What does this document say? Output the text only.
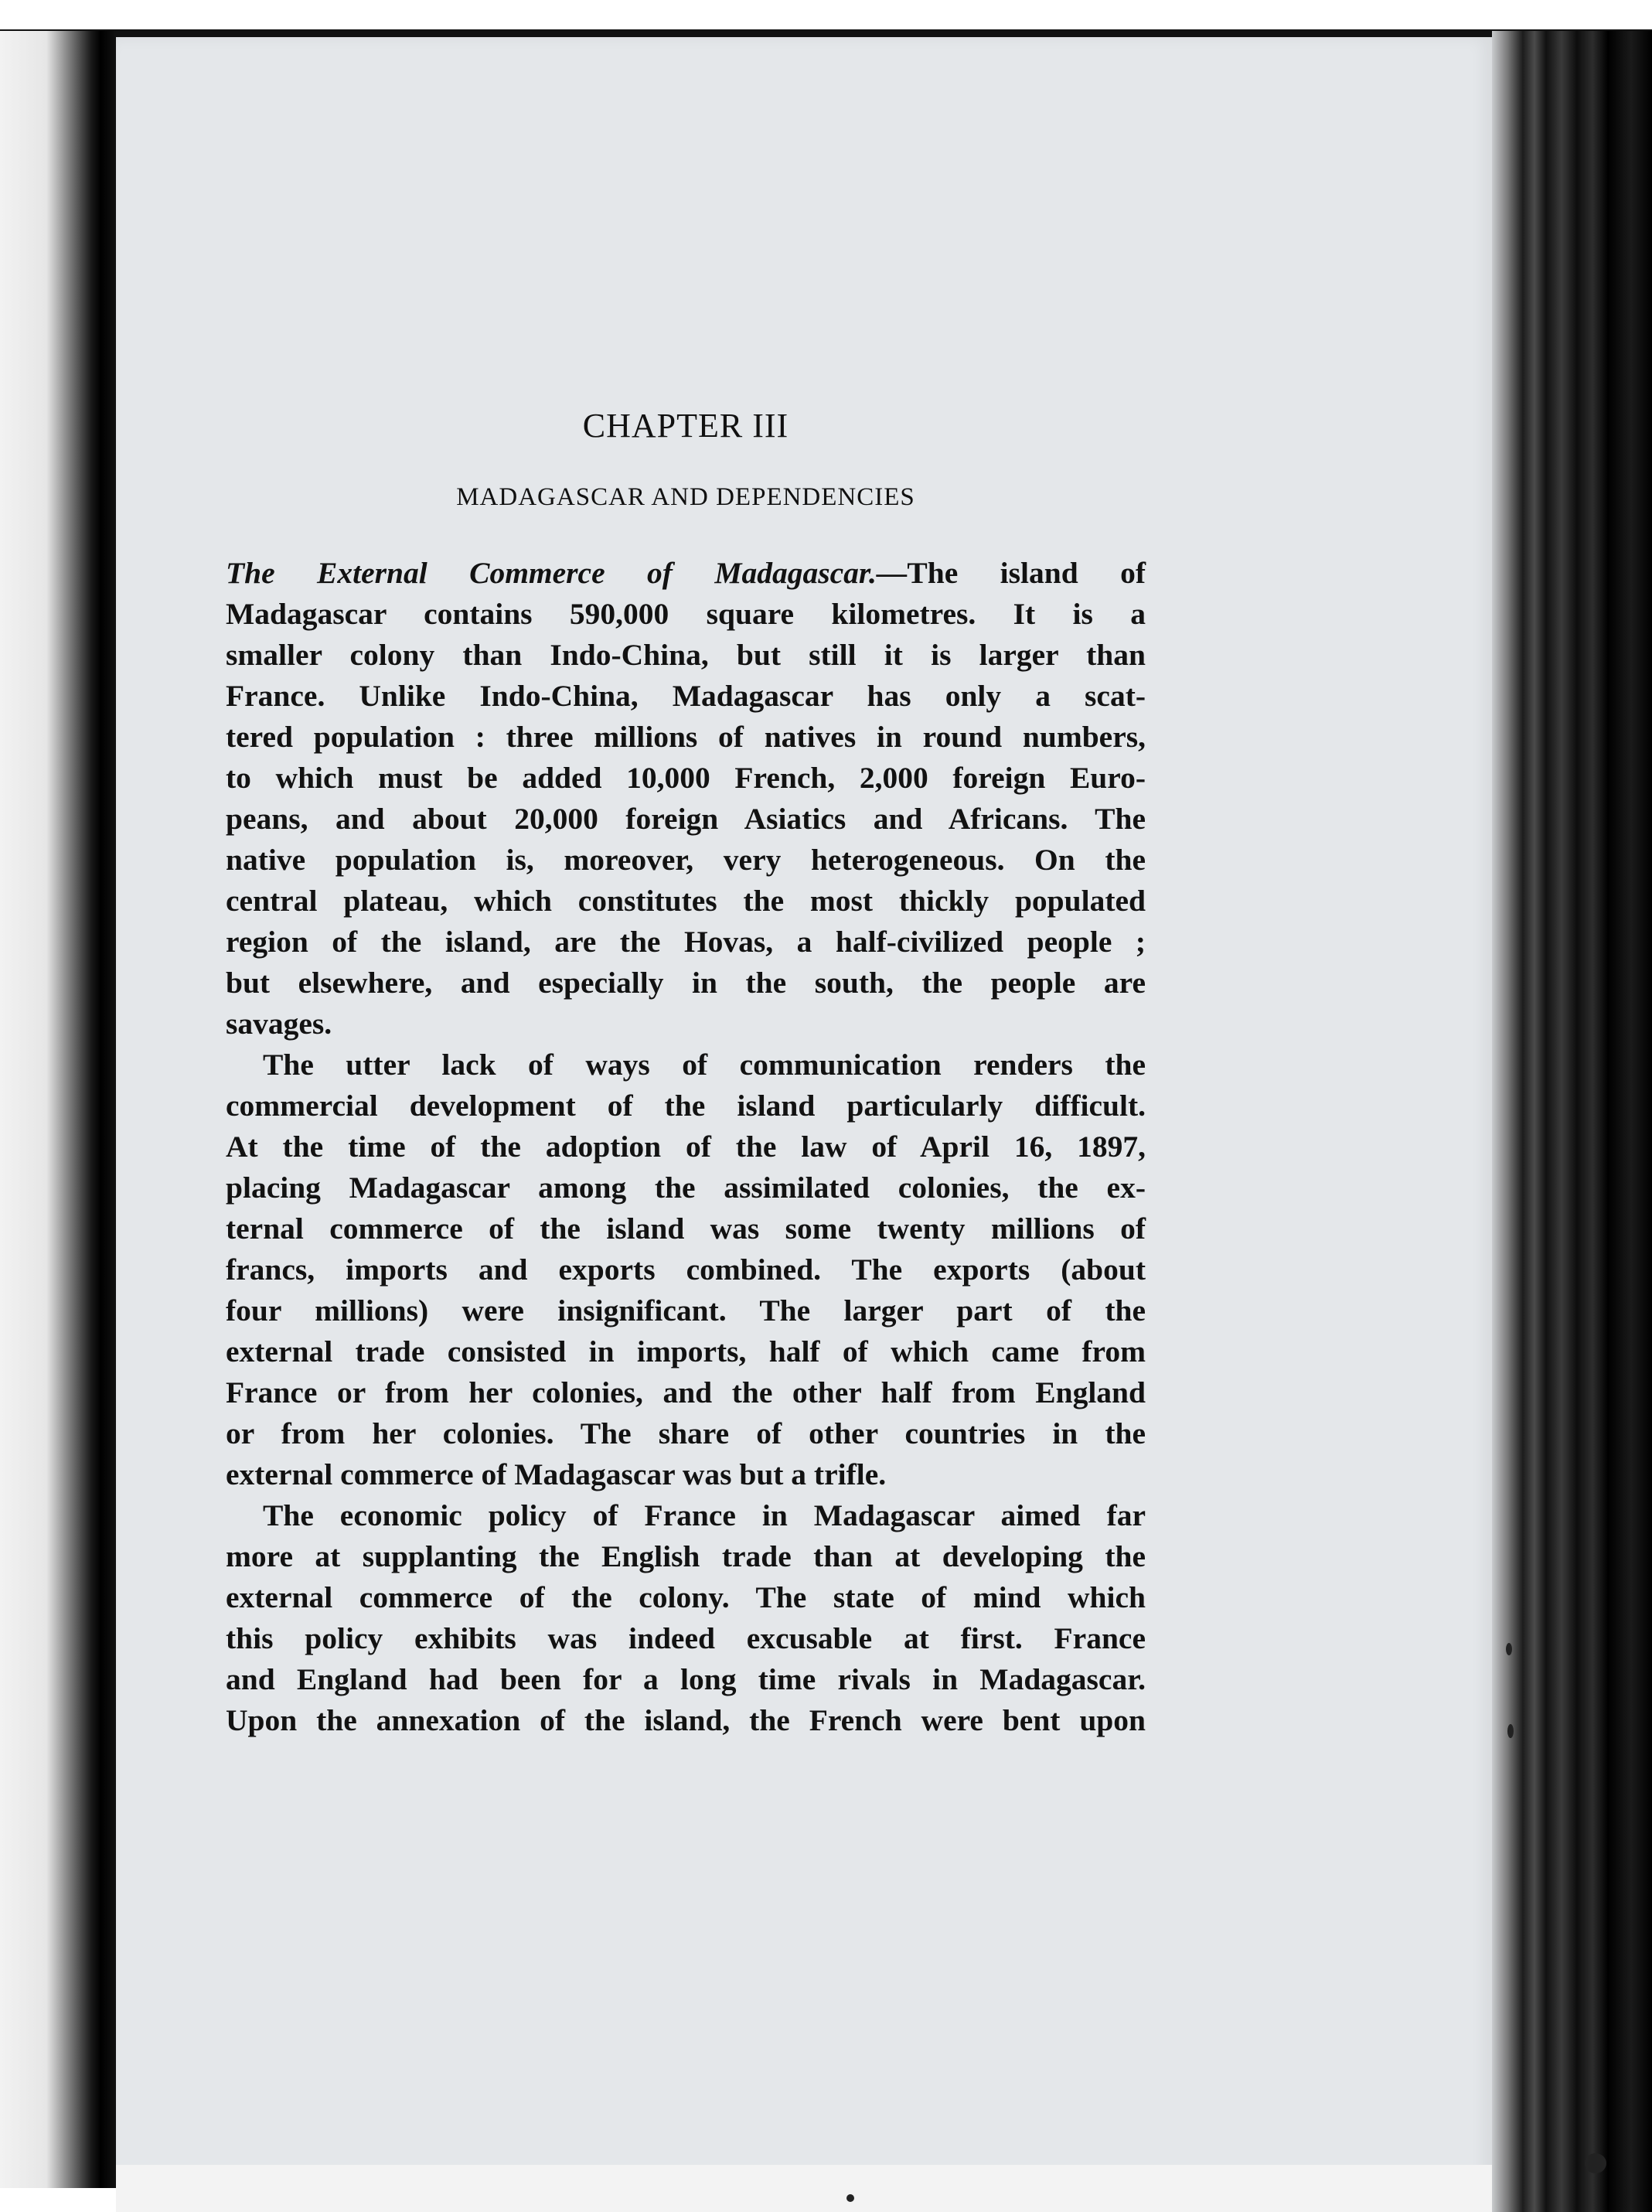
CHAPTER III
MADAGASCAR AND DEPENDENCIES
The External Commerce of Madagascar.—The island of
Madagascar contains 590,000 square kilometres. It is a
smaller colony than Indo-China, but still it is larger than
France. Unlike Indo-China, Madagascar has only a scat-
tered population : three millions of natives in round numbers,
to which must be added 10,000 French, 2,000 foreign Euro-
peans, and about 20,000 foreign Asiatics and Africans. The
native population is, moreover, very heterogeneous. On the
central plateau, which constitutes the most thickly populated
region of the island, are the Hovas, a half-civilized people ;
but elsewhere, and especially in the south, the people are
savages.
The utter lack of ways of communication renders the
commercial development of the island particularly difficult.
At the time of the adoption of the law of April 16, 1897,
placing Madagascar among the assimilated colonies, the ex-
ternal commerce of the island was some twenty millions of
francs, imports and exports combined. The exports (about
four millions) were insignificant. The larger part of the
external trade consisted in imports, half of which came from
France or from her colonies, and the other half from England
or from her colonies. The share of other countries in the
external commerce of Madagascar was but a trifle.
The economic policy of France in Madagascar aimed far
more at supplanting the English trade than at developing the
external commerce of the colony. The state of mind which
this policy exhibits was indeed excusable at first. France
and England had been for a long time rivals in Madagascar.
Upon the annexation of the island, the French were bent upon
